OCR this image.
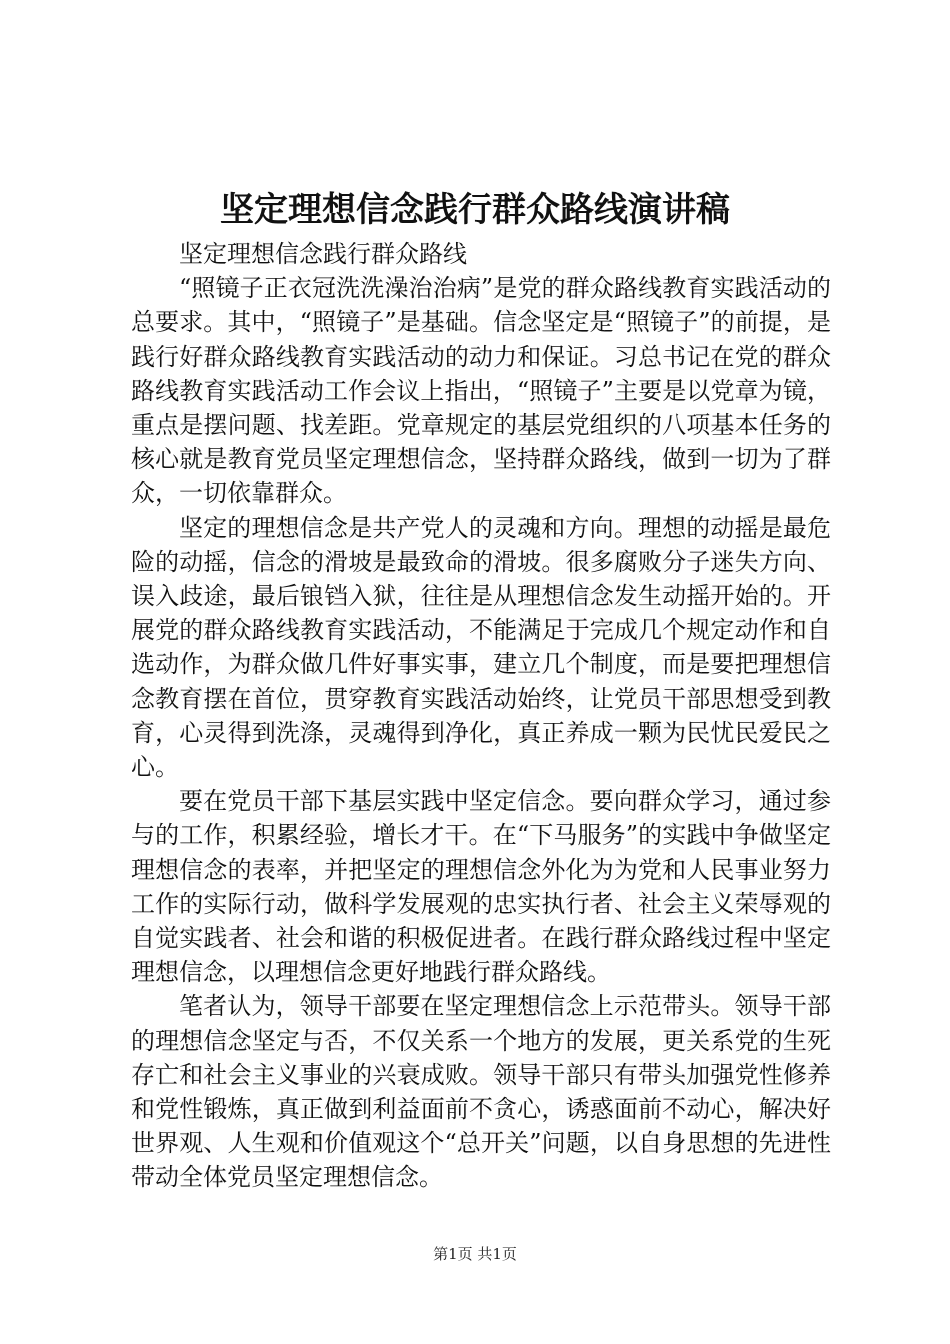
坚定理想信念践行群众路线演讲稿

坚定理想信念践行群众路线

“照镜子正衣冠洗洗澡治治病”是党的群众路线教育实践活动的总要求。其中，“照镜子”是基础。信念坚定是“照镜子”的前提，是践行好群众路线教育实践活动的动力和保证。习总书记在党的群众路线教育实践活动工作会议上指出，“照镜子”主要是以党章为镜，重点是摆问题、找差距。党章规定的基层党组织的八项基本任务的核心就是教育党员坚定理想信念，坚持群众路线，做到一切为了群众，一切依靠群众。

坚定的理想信念是共产党人的灵魂和方向。理想的动摇是最危险的动摇，信念的滑坡是最致命的滑坡。很多腐败分子迷失方向、误入歧途，最后锒铛入狱，往往是从理想信念发生动摇开始的。开展党的群众路线教育实践活动，不能满足于完成几个规定动作和自选动作，为群众做几件好事实事，建立几个制度，而是要把理想信念教育摆在首位，贯穿教育实践活动始终，让党员干部思想受到教育，心灵得到洗涤，灵魂得到净化，真正养成一颗为民忧民爱民之心。

要在党员干部下基层实践中坚定信念。要向群众学习，通过参与的工作，积累经验，增长才干。在“下马服务”的实践中争做坚定理想信念的表率，并把坚定的理想信念外化为为党和人民事业努力工作的实际行动，做科学发展观的忠实执行者、社会主义荣辱观的自觉实践者、社会和谐的积极促进者。在践行群众路线过程中坚定理想信念，以理想信念更好地践行群众路线。

笔者认为，领导干部要在坚定理想信念上示范带头。领导干部的理想信念坚定与否，不仅关系一个地方的发展，更关系党的生死存亡和社会主义事业的兴衰成败。领导干部只有带头加强党性修养和党性锻炼，真正做到利益面前不贪心，诱惑面前不动心，解决好世界观、人生观和价值观这个“总开关”问题，以自身思想的先进性带动全体党员坚定理想信念。

第1页 共1页
